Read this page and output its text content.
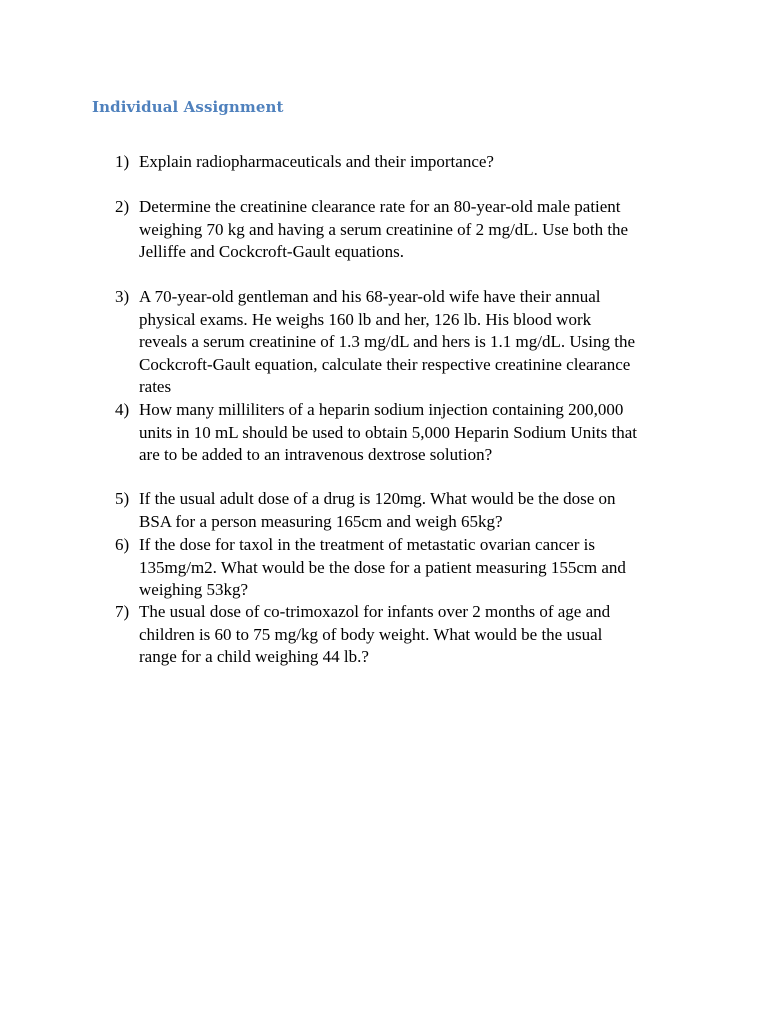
Individual Assignment
1) Explain radiopharmaceuticals and their importance?
2) Determine the creatinine clearance rate for an 80-year-old male patient
weighing 70 kg and having a serum creatinine of 2 mg/dL. Use both the
Jelliffe and Cockcroft-Gault equations.
3) A 70-year-old gentleman and his 68-year-old wife have their annual
physical exams. He weighs 160 lb and her, 126 lb. His blood work
reveals a serum creatinine of 1.3 mg/dL and hers is 1.1 mg/dL. Using the
Cockcroft-Gault equation, calculate their respective creatinine clearance
rates
4) How many milliliters of a heparin sodium injection containing 200,000
units in 10 mL should be used to obtain 5,000 Heparin Sodium Units that
are to be added to an intravenous dextrose solution?
5) If the usual adult dose of a drug is 120mg. What would be the dose on
BSA for a person measuring 165cm and weigh 65kg?
6) If the dose for taxol in the treatment of metastatic ovarian cancer is
135mg/m2. What would be the dose for a patient measuring 155cm and
weighing 53kg?
7) The usual dose of co-trimoxazol for infants over 2 months of age and
children is 60 to 75 mg/kg of body weight. What would be the usual
range for a child weighing 44 lb.?
